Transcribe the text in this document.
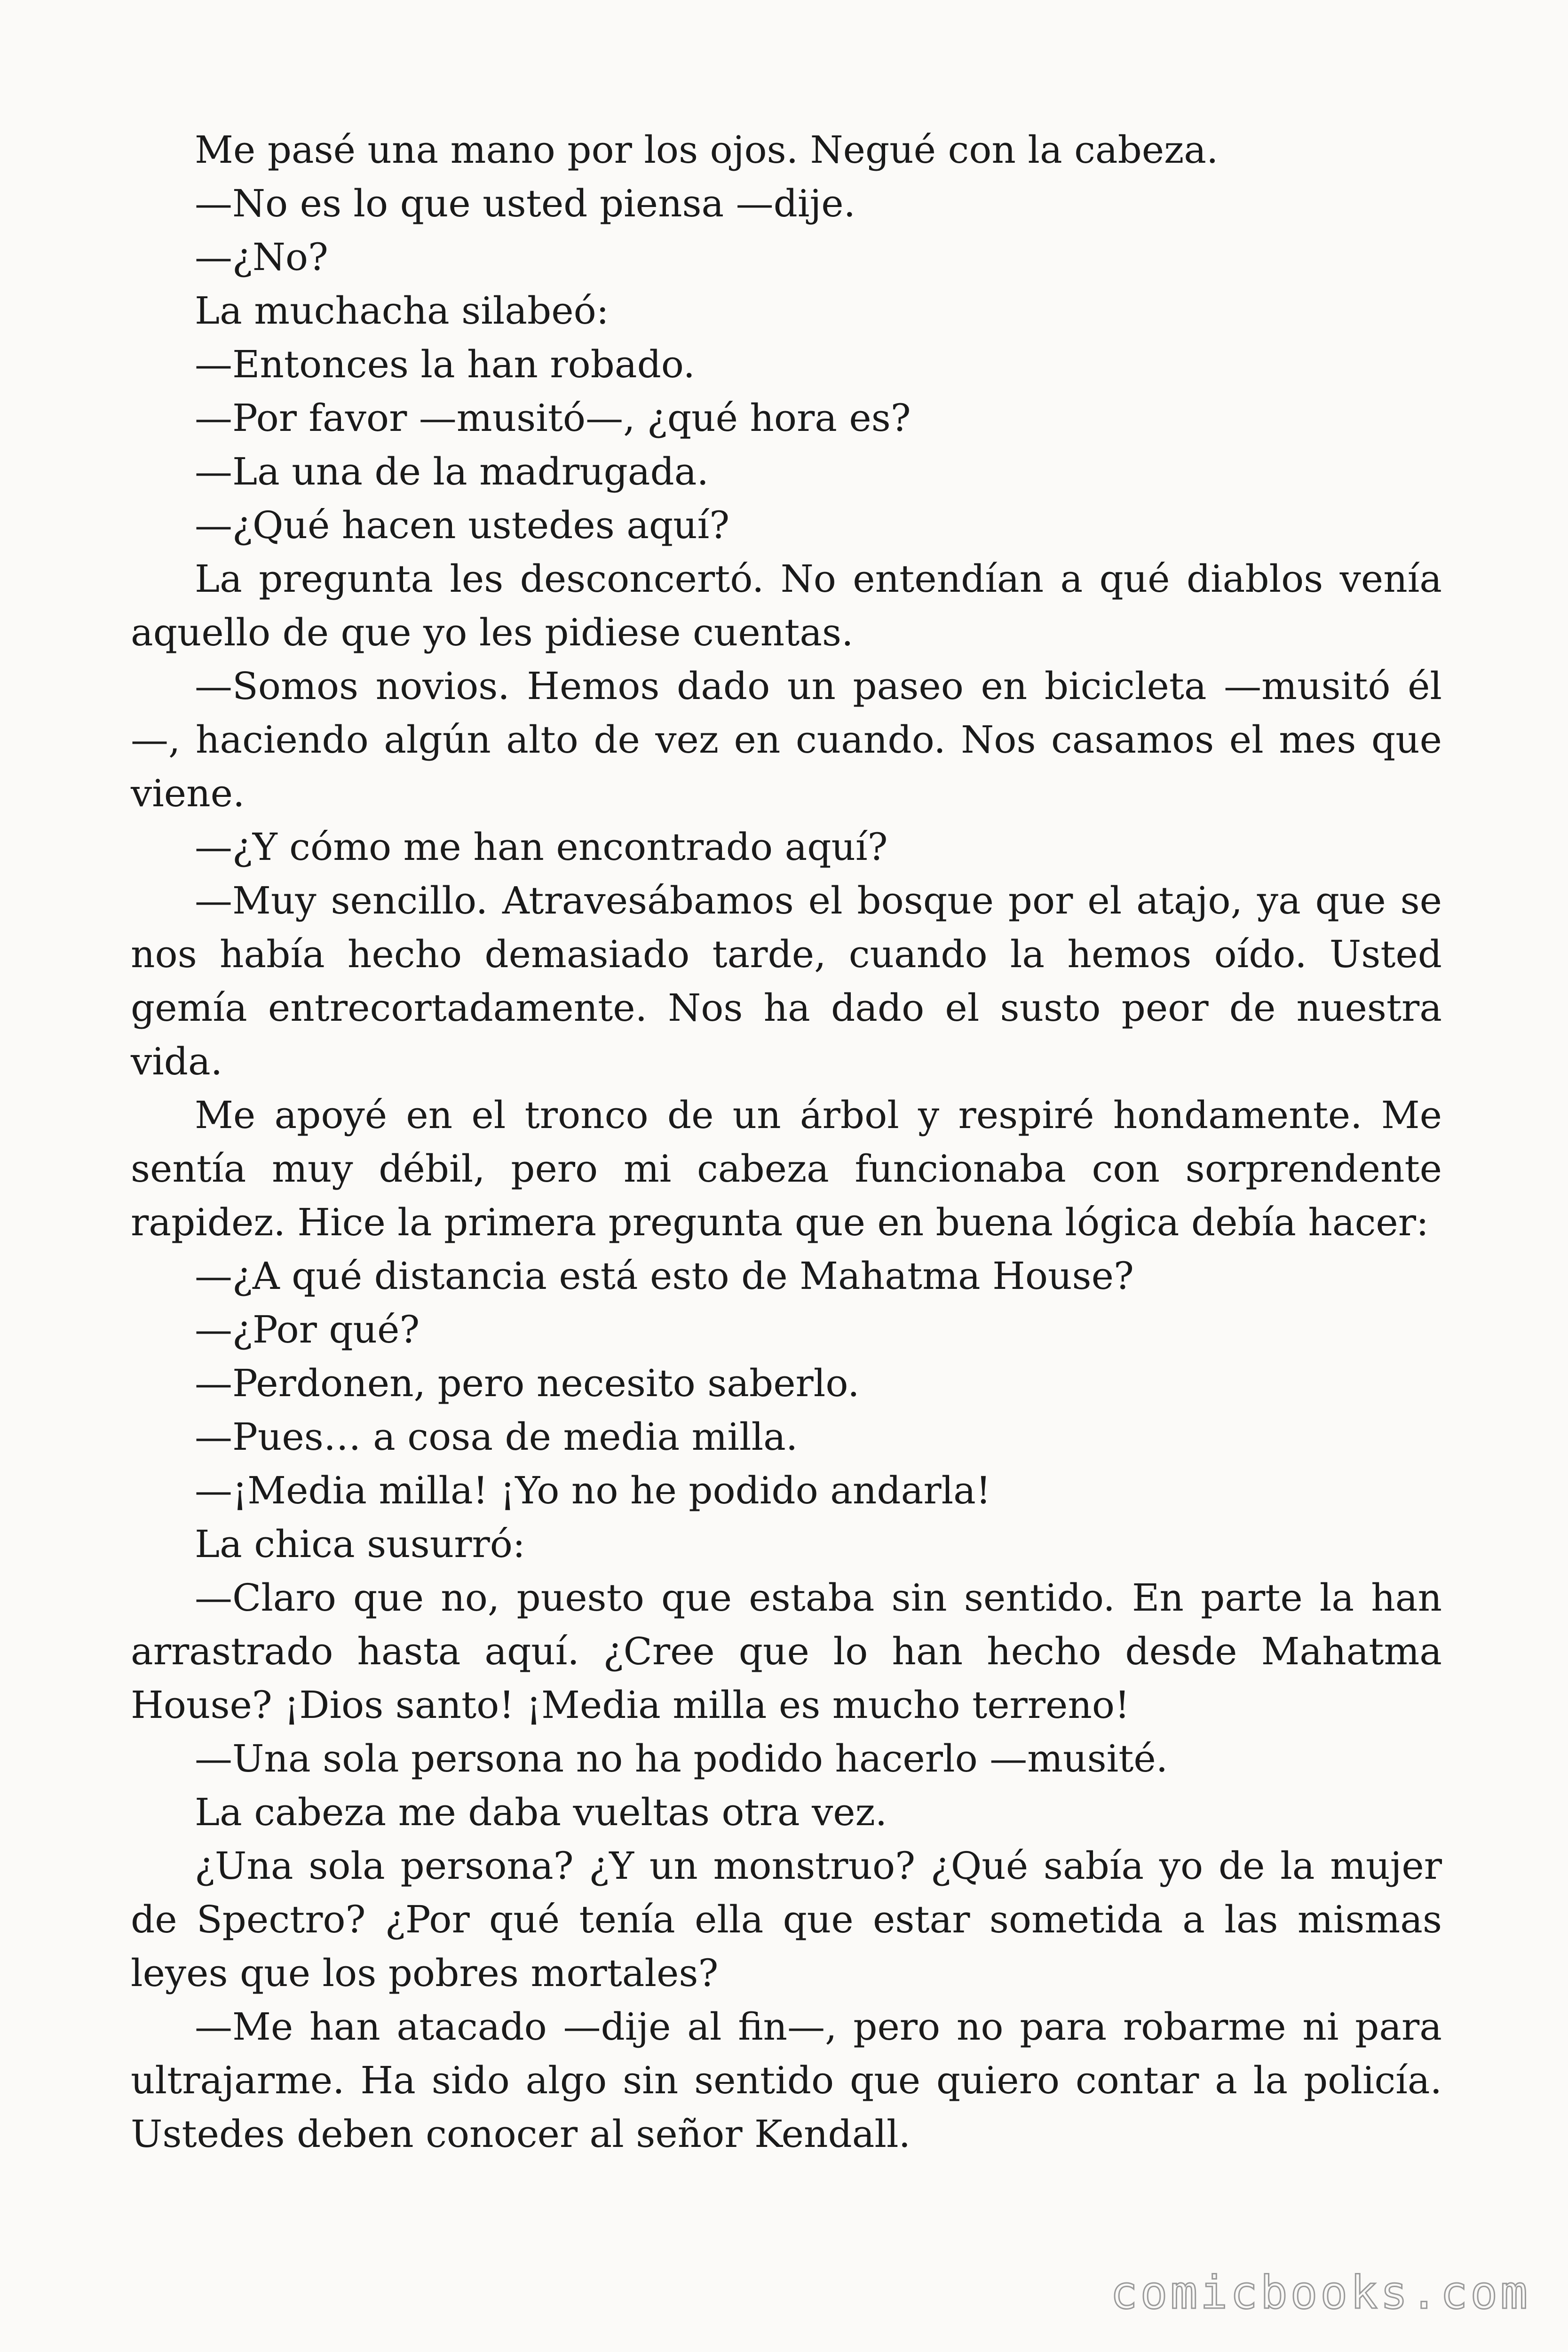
Me pasé una mano por los ojos. Negué con la cabeza.

—No es lo que usted piensa —dije.

—¿No?

La muchacha silabeó:

—Entonces la han robado.

—Por favor —musitó—, ¿qué hora es?

—La una de la madrugada.

—¿Qué hacen ustedes aquí?

La pregunta les desconcertó. No entendían a qué diablos venía aquello de que yo les pidiese cuentas.

—Somos novios. Hemos dado un paseo en bicicleta —musitó él —, haciendo algún alto de vez en cuando. Nos casamos el mes que viene.

—¿Y cómo me han encontrado aquí?

—Muy sencillo. Atravesábamos el bosque por el atajo, ya que se nos había hecho demasiado tarde, cuando la hemos oído. Usted gemía entrecortadamente. Nos ha dado el susto peor de nuestra vida.

Me apoyé en el tronco de un árbol y respiré hondamente. Me sentía muy débil, pero mi cabeza funcionaba con sorprendente rapidez. Hice la primera pregunta que en buena lógica debía hacer:

—¿A qué distancia está esto de Mahatma House?

—¿Por qué?

—Perdonen, pero necesito saberlo.

—Pues… a cosa de media milla.

—¡Media milla! ¡Yo no he podido andarla!

La chica susurró:

—Claro que no, puesto que estaba sin sentido. En parte la han arrastrado hasta aquí. ¿Cree que lo han hecho desde Mahatma House? ¡Dios santo! ¡Media milla es mucho terreno!

—Una sola persona no ha podido hacerlo —musité.

La cabeza me daba vueltas otra vez.

¿Una sola persona? ¿Y un monstruo? ¿Qué sabía yo de la mujer de Spectro? ¿Por qué tenía ella que estar sometida a las mismas leyes que los pobres mortales?

—Me han atacado —dije al fin—, pero no para robarme ni para ultrajarme. Ha sido algo sin sentido que quiero contar a la policía. Ustedes deben conocer al señor Kendall.

comicbooks.com
